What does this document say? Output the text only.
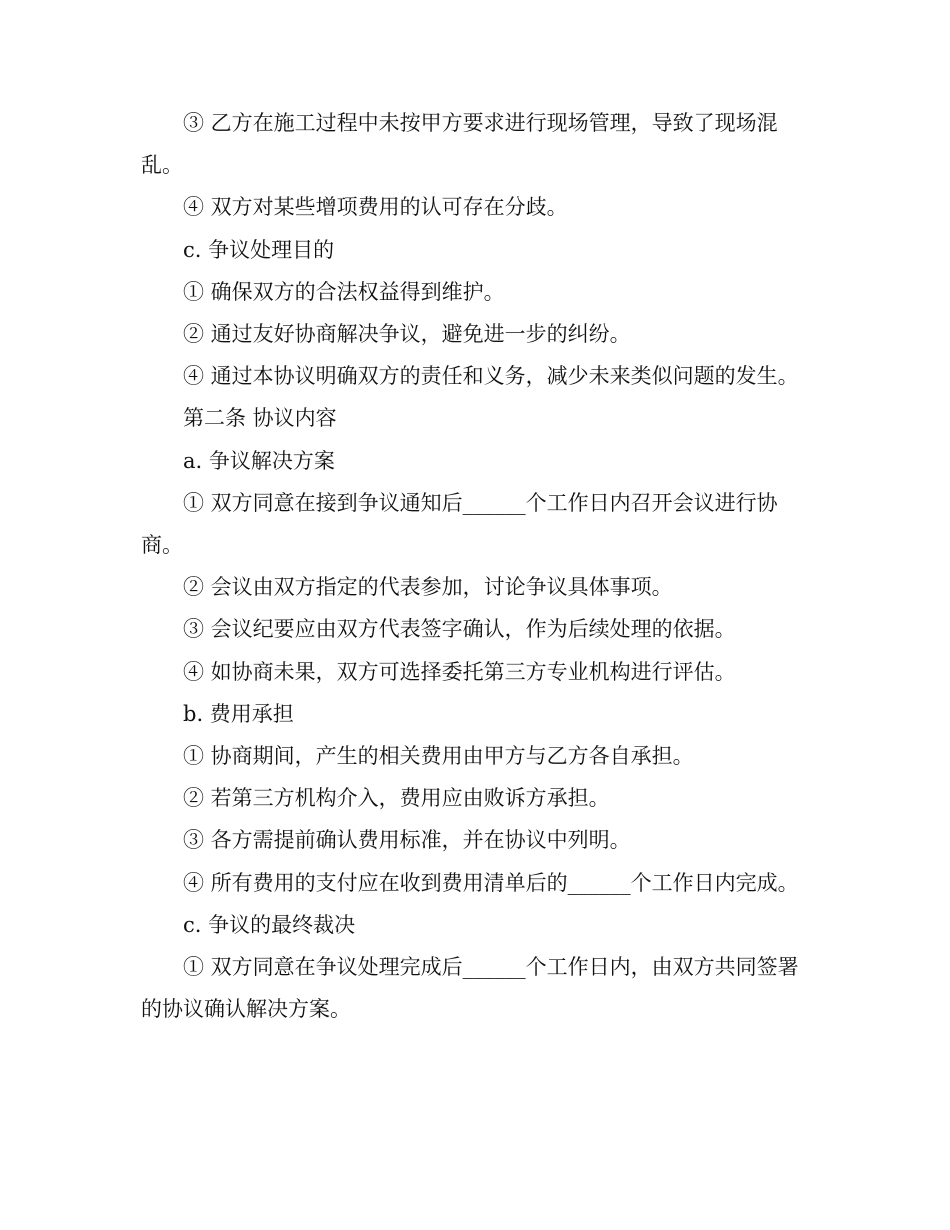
③ 乙方在施工过程中未按甲方要求进行现场管理，导致了现场混乱。

④ 双方对某些增项费用的认可存在分歧。

c. 争议处理目的

① 确保双方的合法权益得到维护。

② 通过友好协商解决争议，避免进一步的纠纷。

④ 通过本协议明确双方的责任和义务，减少未来类似问题的发生。

第二条 协议内容

a. 争议解决方案

① 双方同意在接到争议通知后______个工作日内召开会议进行协商。

② 会议由双方指定的代表参加，讨论争议具体事项。

③ 会议纪要应由双方代表签字确认，作为后续处理的依据。

④ 如协商未果，双方可选择委托第三方专业机构进行评估。

b. 费用承担

① 协商期间，产生的相关费用由甲方与乙方各自承担。

② 若第三方机构介入，费用应由败诉方承担。

③ 各方需提前确认费用标准，并在协议中列明。

④ 所有费用的支付应在收到费用清单后的______个工作日内完成。

c. 争议的最终裁决

① 双方同意在争议处理完成后______个工作日内，由双方共同签署的协议确认解决方案。
